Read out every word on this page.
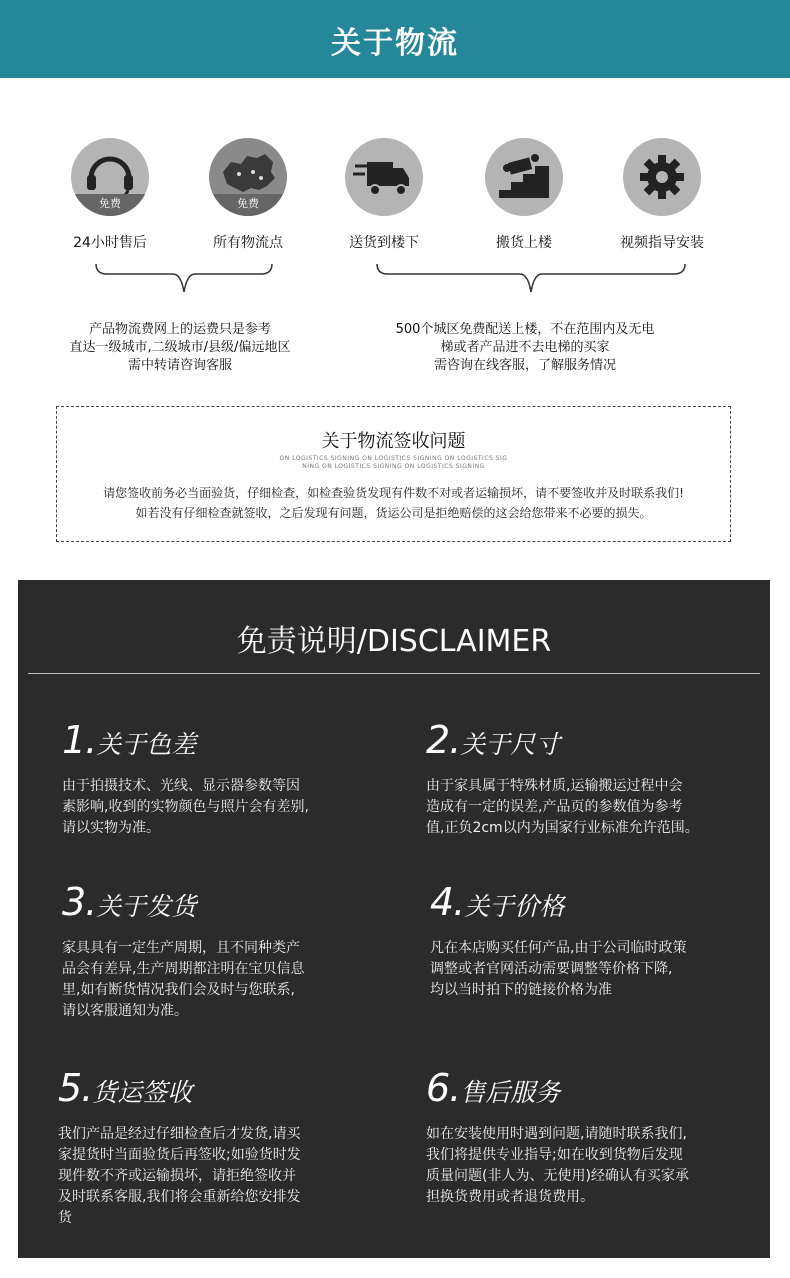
关于物流
免费
24小时售后
免费
所有物流点	送货到楼下	搬货上楼	视频指导安装
产品物流费网上的运费只是参考
直达一级城市,二级城市/县级/偏远地区
需中转请咨询客服
500个城区免费配送上楼，不在范围内及无电
梯或者产品进不去电梯的买家
需咨询在线客服，了解服务情况
关于物流签收问题
ON LOGISTICS SIGNING ON LOGISTICS SIGNING ON LOGISTICS SIG
NING ON LOGISTICS SIGNING ON LOGISTICS SIGNING
请您签收前务必当面验货，仔细检查，如检查验货发现有件数不对或者运输损坏，请不要签收并及时联系我们!
如若没有仔细检查就签收，之后发现有问题，货运公司是拒绝赔偿的这会给您带来不必要的损失。
免责说明/DISCLAIMER
1.关于色差
由于拍摄技术、光线、显示器参数等因
素影响,收到的实物颜色与照片会有差别,
请以实物为准。
2.关于尺寸
由于家具属于特殊材质,运输搬运过程中会
造成有一定的误差,产品页的参数值为参考
值,正负2cm以内为国家行业标准允许范围。
3.关于发货
家具具有一定生产周期，且不同种类产
品会有差异,生产周期都注明在宝贝信息
里,如有断货情况我们会及时与您联系,
请以客服通知为准。
4.关于价格
凡在本店购买任何产品,由于公司临时政策
调整或者官网活动需要调整等价格下降,
均以当时拍下的链接价格为准
5.货运签收
我们产品是经过仔细检查后才发货,请买
家提货时当面验货后再签收;如验货时发
现件数不齐或运输损坏，请拒绝签收并
及时联系客服,我们将会重新给您安排发
货
6.售后服务
如在安装使用时遇到问题,请随时联系我们,
我们将提供专业指导;如在收到货物后发现
质量问题(非人为、无使用)经确认有买家承
担换货费用或者退货费用。
